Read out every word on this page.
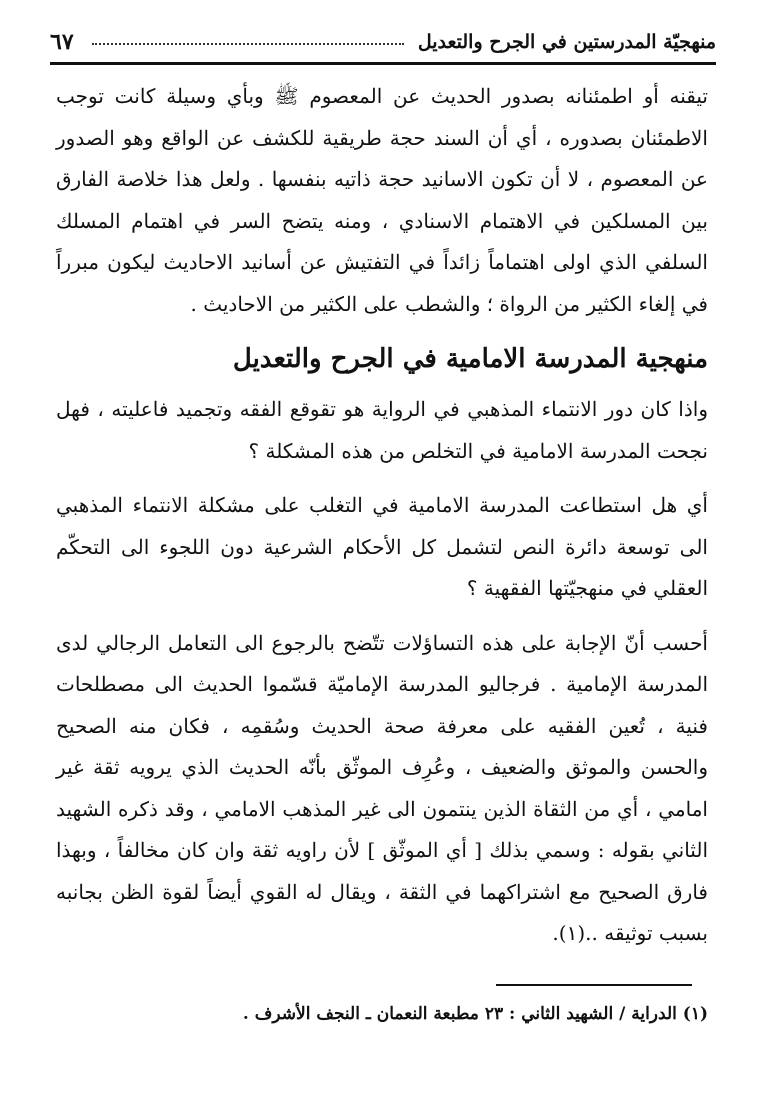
منهجيّة المدرستين في الجرح والتعديل
٦٧

تيقنه أو اطمئنانه بصدور الحديث عن المعصوم ﷺ وبأي وسيلة كانت توجب الاطمئنان بصدوره ، أي أن السند حجة طريقية للكشف عن الواقع وهو الصدور عن المعصوم ، لا أن تكون الاسانيد حجة ذاتيه بنفسها . ولعل هذا خلاصة الفارق بين المسلكين في الاهتمام الاسنادي ، ومنه يتضح السر في اهتمام المسلك السلفي الذي اولى اهتماماً زائداً في التفتيش عن أسانيد الاحاديث ليكون مبرراً في إلغاء الكثير من الرواة ؛ والشطب على الكثير من الاحاديث .

منهجية المدرسة الامامية في الجرح والتعديل

واذا كان دور الانتماء المذهبي في الرواية هو تقوقع الفقه وتجميد فاعليته ، فهل نجحت المدرسة الامامية في التخلص من هذه المشكلة ؟

أي هل استطاعت المدرسة الامامية في التغلب على مشكلة الانتماء المذهبي الى توسعة دائرة النص لتشمل كل الأحكام الشرعية دون اللجوء الى التحكّم العقلي في منهجيّتها الفقهية ؟

أحسب أنّ الإجابة على هذه التساؤلات تتّضح بالرجوع الى التعامل الرجالي لدى المدرسة الإمامية . فرجاليو المدرسة الإماميّة قسّموا الحديث الى مصطلحات فنية ، تُعين الفقيه على معرفة صحة الحديث وسُقمِه ، فكان منه الصحيح والحسن والموثق والضعيف ، وعُرِف الموثّق بأنّه الحديث الذي يرويه ثقة غير امامي ، أي من الثقاة الذين ينتمون الى غير المذهب الامامي ، وقد ذكره الشهيد الثاني بقوله : وسمي بذلك [ أي الموثّق ] لأن راويه ثقة وان كان مخالفاً ، وبهذا فارق الصحيح مع اشتراكهما في الثقة ، ويقال له القوي أيضاً لقوة الظن بجانبه بسبب توثيقه ..(١).

(١) الدراية / الشهيد الثاني : ٢٣ مطبعة النعمان ـ النجف الأشرف .
